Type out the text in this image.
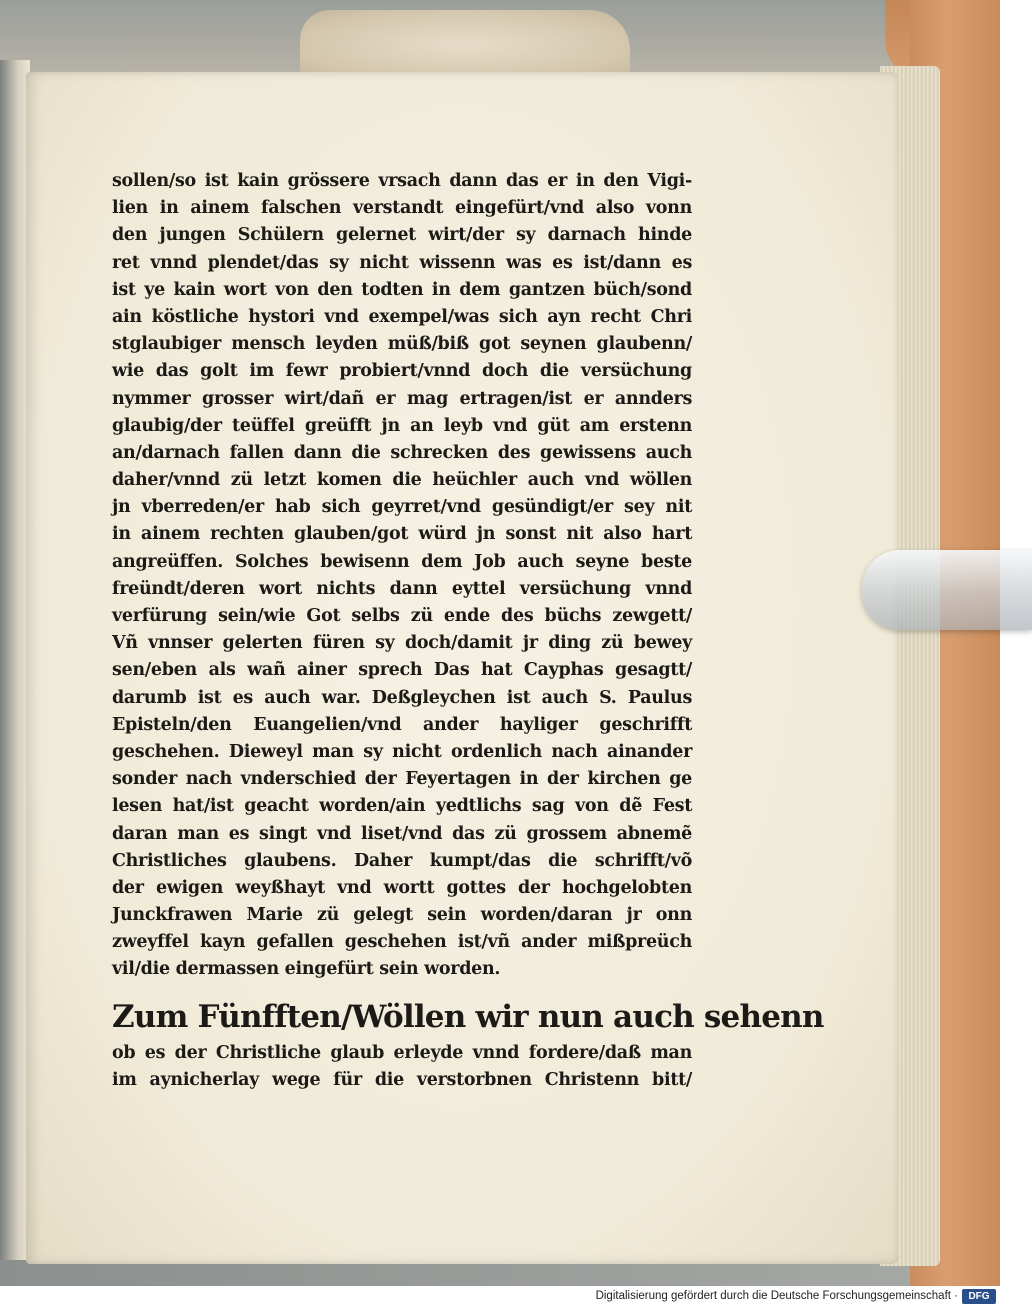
sollen/so ist kain grössere vrsach dann das er in den Vigi-
lien in ainem falschen verstandt eingefürt/vnd also vonn
den jungen Schülern gelernet wirt/der sy darnach hinde
ret vnnd plendet/das sy nicht wissenn was es ist/dann es
ist ye kain wort von den todten in dem gantzen büch/sond
ain köstliche hystori vnd exempel/was sich ayn recht Chri
stglaubiger mensch leyden müß/biß got seynen glaubenn/
wie das golt im fewr probiert/vnnd doch die versüchung
nymmer grosser wirt/dañ er mag ertragen/ist er annders
glaubig/der teüffel greüfft jn an leyb vnd güt am erstenn
an/darnach fallen dann die schrecken des gewissens auch
daher/vnnd zü letzt komen die heüchler auch vnd wöllen
jn vberreden/er hab sich geyrret/vnd gesündigt/er sey nit
in ainem rechten glauben/got würd jn sonst nit also hart
angreüffen. Solches bewisenn dem Job auch seyne beste
freündt/deren wort nichts dann eyttel versüchung vnnd
verfürung sein/wie Got selbs zü ende des büchs zewgett/
Vñ vnnser gelerten füren sy doch/damit jr ding zü bewey
sen/eben als wañ ainer sprech Das hat Cayphas gesagtt/
darumb ist es auch war. Deßgleychen ist auch S. Paulus
Episteln/den Euangelien/vnd ander hayliger geschrifft
geschehen. Dieweyl man sy nicht ordenlich nach ainander
sonder nach vnderschied der Feyertagen in der kirchen ge
lesen hat/ist geacht worden/ain yedtlichs sag von dẽ Fest
daran man es singt vnd liset/vnd das zü grossem abnemẽ
Christliches glaubens. Daher kumpt/das die schrifft/võ
der ewigen weyßhayt vnd wortt gottes der hochgelobten
Junckfrawen Marie zü gelegt sein worden/daran jr onn
zweyffel kayn gefallen geschehen ist/vñ ander mißpreüch
vil/die dermassen eingefürt sein worden.
Zum Fünfften/Wöllen wir nun auch sehenn
ob es der Christliche glaub erleyde vnnd fordere/daß man
im aynicherlay wege für die verstorbnen Christenn bitt/
Digitalisierung gefördert durch die Deutsche Forschungsgemeinschaft ·	DFG
